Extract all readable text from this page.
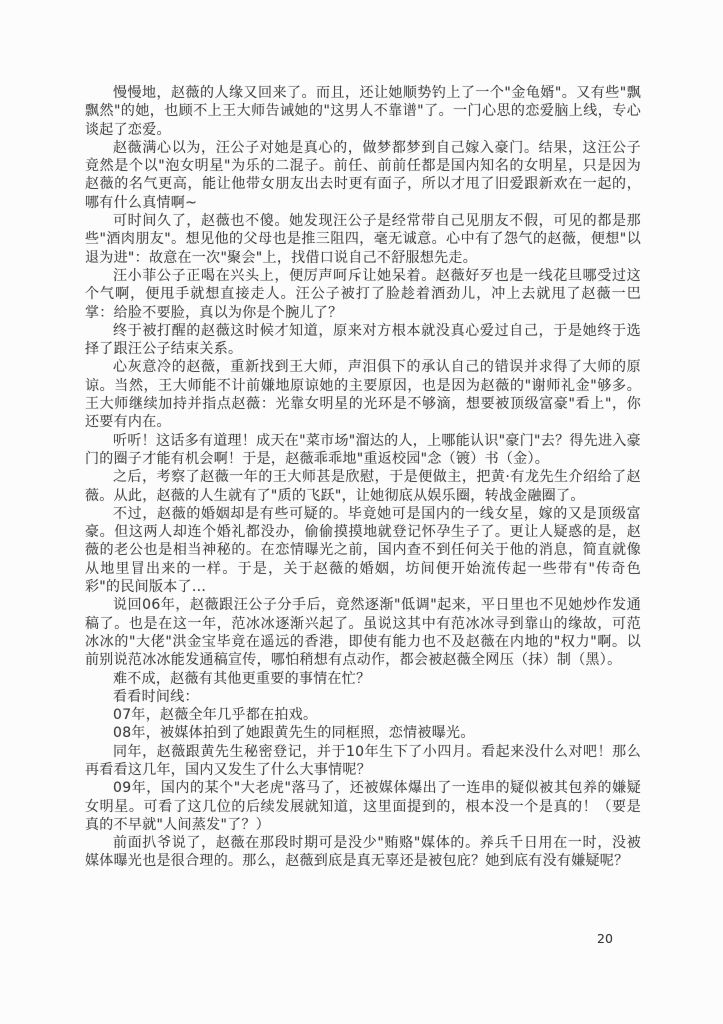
慢慢地，赵薇的人缘又回来了。而且，还让她顺势钓上了一个"金龟婿"。又有些"飘飘然"的她，也顾不上王大师告诫她的"这男人不靠谱"了。一门心思的恋爱脑上线，专心谈起了恋爱。

赵薇满心以为，汪公子对她是真心的，做梦都梦到自己嫁入豪门。结果，这汪公子竟然是个以"泡女明星"为乐的二混子。前任、前前任都是国内知名的女明星，只是因为赵薇的名气更高，能让他带女朋友出去时更有面子，所以才甩了旧爱跟新欢在一起的，哪有什么真情啊~

可时间久了，赵薇也不傻。她发现汪公子是经常带自己见朋友不假，可见的都是那些"酒肉朋友"。想见他的父母也是推三阻四，毫无诚意。心中有了怨气的赵薇，便想"以退为进"：故意在一次"聚会"上，找借口说自己不舒服想先走。

汪小菲公子正喝在兴头上，便厉声呵斥让她呆着。赵薇好歹也是一线花旦哪受过这个气啊，便甩手就想直接走人。汪公子被打了脸趁着酒劲儿，冲上去就甩了赵薇一巴掌：给脸不要脸，真以为你是个腕儿了？

终于被打醒的赵薇这时候才知道，原来对方根本就没真心爱过自己，于是她终于选择了跟汪公子结束关系。

心灰意冷的赵薇，重新找到王大师，声泪俱下的承认自己的错误并求得了大师的原谅。当然，王大师能不计前嫌地原谅她的主要原因，也是因为赵薇的"谢师礼金"够多。王大师继续加持并指点赵薇：光靠女明星的光环是不够滴，想要被顶级富豪"看上"，你还要有内在。

听听！这话多有道理！成天在"菜市场"溜达的人，上哪能认识"豪门"去？得先进入豪门的圈子才能有机会啊！于是，赵薇乖乖地"重返校园"念（镀）书（金）。

之后，考察了赵薇一年的王大师甚是欣慰，于是便做主，把黄·有龙先生介绍给了赵薇。从此，赵薇的人生就有了"质的飞跃"，让她彻底从娱乐圈，转战金融圈了。

不过，赵薇的婚姻却是有些可疑的。毕竟她可是国内的一线女星，嫁的又是顶级富豪。但这两人却连个婚礼都没办，偷偷摸摸地就登记怀孕生子了。更让人疑惑的是，赵薇的老公也是相当神秘的。在恋情曝光之前，国内查不到任何关于他的消息，简直就像从地里冒出来的一样。于是，关于赵薇的婚姻，坊间便开始流传起一些带有"传奇色彩"的民间版本了...

说回06年，赵薇跟汪公子分手后，竟然逐渐"低调"起来，平日里也不见她炒作发通稿了。也是在这一年，范冰冰逐渐兴起了。虽说这其中有范冰冰寻到靠山的缘故，可范冰冰的"大佬"洪金宝毕竟在遥远的香港，即使有能力也不及赵薇在内地的"权力"啊。以前别说范冰冰能发通稿宣传，哪怕稍想有点动作，都会被赵薇全网压（抹）制（黑）。

难不成，赵薇有其他更重要的事情在忙？

看看时间线：

07年，赵薇全年几乎都在拍戏。

08年，被媒体拍到了她跟黄先生的同框照，恋情被曝光。

同年，赵薇跟黄先生秘密登记，并于10年生下了小四月。看起来没什么对吧！那么再看看这几年，国内又发生了什么大事情呢？

09年，国内的某个"大老虎"落马了，还被媒体爆出了一连串的疑似被其包养的嫌疑女明星。可看了这几位的后续发展就知道，这里面提到的，根本没一个是真的！（要是真的不早就"人间蒸发"了？）

前面扒爷说了，赵薇在那段时期可是没少"贿赂"媒体的。养兵千日用在一时，没被媒体曝光也是很合理的。那么，赵薇到底是真无辜还是被包庇？她到底有没有嫌疑呢？

20
